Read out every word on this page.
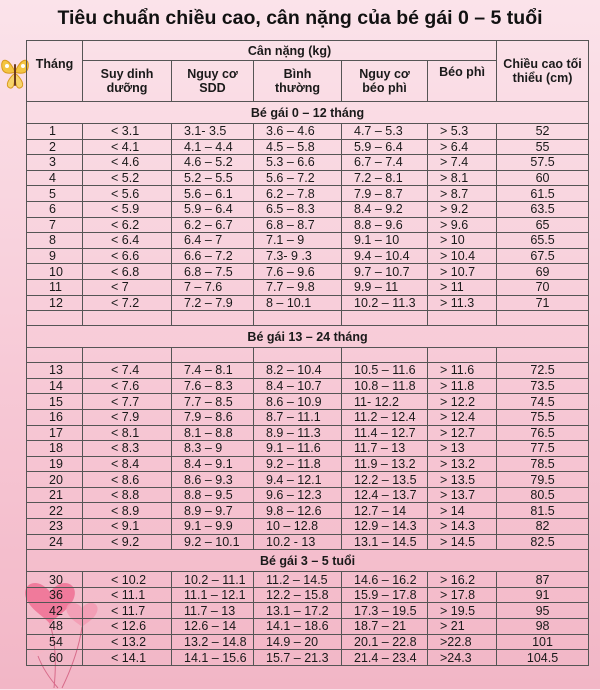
Tiêu chuẩn chiều cao, cân nặng của bé gái 0 – 5 tuổi
Tháng	Cân nặng (kg)					Chiều cao tối thiểu (cm)
	Suy dinh dưỡng	Nguy cơ SDD	Bình thường	Nguy cơ béo phì	Béo phì	
Bé gái 0 – 12 tháng						
1	< 3.1	3.1- 3.5	3.6 – 4.6	4.7 – 5.3	> 5.3	52
2	< 4.1	4.1 – 4.4	4.5 – 5.8	5.9 – 6.4	> 6.4	55
3	< 4.6	4.6 – 5.2	5.3 – 6.6	6.7 – 7.4	> 7.4	57.5
4	< 5.2	5.2 – 5.5	5.6 – 7.2	7.2 – 8.1	> 8.1	60
5	< 5.6	5.6 – 6.1	6.2 – 7.8	7.9 – 8.7	> 8.7	61.5
6	< 5.9	5.9 – 6.4	6.5 – 8.3	8.4 – 9.2	> 9.2	63.5
7	< 6.2	6.2 – 6.7	6.8 – 8.7	8.8 – 9.6	> 9.6	65
8	< 6.4	6.4 – 7	7.1 – 9	9.1 – 10	> 10	65.5
9	< 6.6	6.6 – 7.2	7.3- 9 .3	9.4 – 10.4	> 10.4	67.5
10	< 6.8	6.8 – 7.5	7.6 – 9.6	9.7 – 10.7	> 10.7	69
11	< 7	7 – 7.6	7.7 – 9.8	9.9 – 11	> 11	70
12	< 7.2	7.2 – 7.9	8 – 10.1	10.2 – 11.3	> 11.3	71

Bé gái 13 – 24 tháng						

13	< 7.4	7.4 – 8.1	8.2 – 10.4	10.5 – 11.6	> 11.6	72.5
14	< 7.6	7.6 – 8.3	8.4 – 10.7	10.8 – 11.8	> 11.8	73.5
15	< 7.7	7.7 – 8.5	8.6 – 10.9	11- 12.2	> 12.2	74.5
16	< 7.9	7.9 – 8.6	8.7 – 11.1	11.2 – 12.4	> 12.4	75.5
17	< 8.1	8.1 – 8.8	8.9 – 11.3	11.4 – 12.7	> 12.7	76.5
18	< 8.3	8.3 – 9	9.1 – 11.6	11.7 – 13	> 13	77.5
19	< 8.4	8.4 – 9.1	9.2 – 11.8	11.9 – 13.2	> 13.2	78.5
20	< 8.6	8.6 – 9.3	9.4 – 12.1	12.2 – 13.5	> 13.5	79.5
21	< 8.8	8.8 – 9.5	9.6 – 12.3	12.4 – 13.7	> 13.7	80.5
22	< 8.9	8.9 – 9.7	9.8 – 12.6	12.7 – 14	> 14	81.5
23	< 9.1	9.1 – 9.9	10 – 12.8	12.9 – 14.3	> 14.3	82
24	< 9.2	9.2 – 10.1	10.2 - 13	13.1 – 14.5	> 14.5	82.5
Bé gái 3 – 5 tuổi						
30	< 10.2	10.2 – 11.1	11.2 – 14.5	14.6 – 16.2	> 16.2	87
36	< 11.1	11.1 – 12.1	12.2 – 15.8	15.9 – 17.8	> 17.8	91
42	< 11.7	11.7 – 13	13.1 – 17.2	17.3 – 19.5	> 19.5	95
48	< 12.6	12.6 – 14	14.1 – 18.6	18.7 – 21	> 21	98
54	< 13.2	13.2 – 14.8	14.9 – 20	20.1 – 22.8	>22.8	101
60	< 14.1	14.1 – 15.6	15.7 – 21.3	21.4 – 23.4	>24.3	104.5
